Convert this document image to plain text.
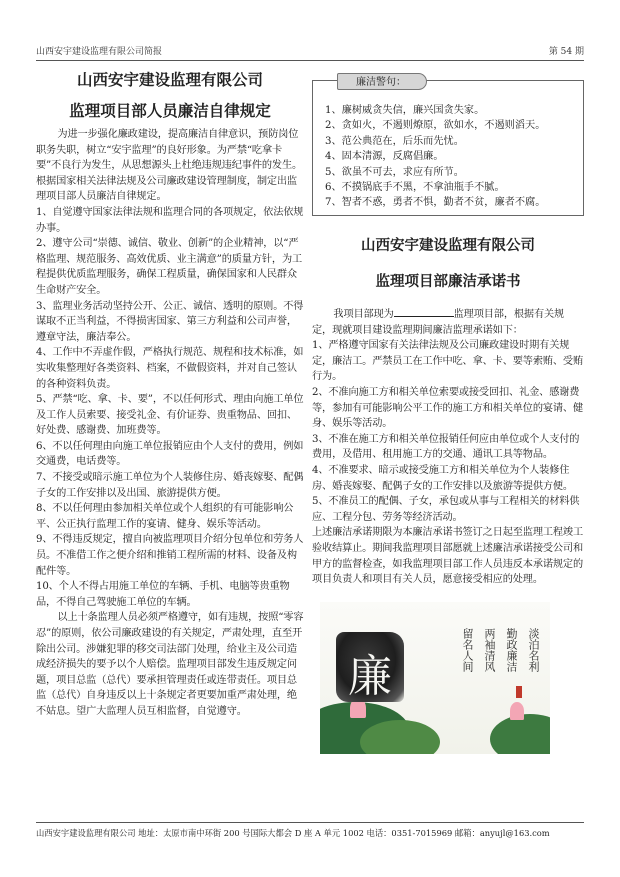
山西安宇建设监理有限公司简报	第 54 期
山西安宇建设监理有限公司
监理项目部人员廉洁自律规定

为进一步强化廉政建设，提高廉洁自律意识，预防岗位职务失职，树立“安宇监理”的良好形象。为严禁“吃拿卡要”不良行为发生，从思想源头上杜绝违规违纪事件的发生。根据国家相关法律法规及公司廉政建设管理制度，制定出监理项目部人员廉洁自律规定。

1、自觉遵守国家法律法规和监理合同的各项规定，依法依规办事。

2、遵守公司“崇德、诚信、敬业、创新”的企业精神，以“严格监理、规范服务、高效优质、业主满意”的质量方针，为工程提供优质监理服务，确保工程质量，确保国家和人民群众生命财产安全。

3、监理业务活动坚持公开、公正、诚信、透明的原则。不得谋取不正当利益，不得损害国家、第三方利益和公司声誉，遵章守法，廉洁奉公。

4、工作中不弄虚作假，严格执行规范、规程和技术标准，如实收集整理好各类资料、档案，不做假资料，并对自己签认的各种资料负责。

5、严禁“吃、拿、卡、要”，不以任何形式、理由向施工单位及工作人员索要、接受礼金、有价证券、贵重物品、回扣、好处费、感谢费、加班费等。

6、不以任何理由向施工单位报销应由个人支付的费用，例如交通费，电话费等。

7、不接受或暗示施工单位为个人装修住房、婚丧嫁娶、配偶子女的工作安排以及出国、旅游提供方便。

8、不以任何理由参加相关单位或个人组织的有可能影响公平、公正执行监理工作的宴请、健身、娱乐等活动。

9、不得违反规定，擅自向被监理项目介绍分包单位和劳务人员。不准借工作之便介绍和推销工程所需的材料、设备及构配件等。

10、个人不得占用施工单位的车辆、手机、电脑等贵重物品，不得自己驾驶施工单位的车辆。

以上十条监理人员必须严格遵守，如有违规，按照“零容忍”的原则，依公司廉政建设的有关规定，严肃处理，直至开除出公司。涉嫌犯罪的移交司法部门处理，给业主及公司造成经济损失的要予以个人赔偿。监理项目部发生违反规定问题，项目总监（总代）要承担管理责任或连带责任。项目总监（总代）自身违反以上十条规定者更要加重严肃处理，绝不姑息。望广大监理人员互相监督，自觉遵守。

廉洁警句：
1、廉树威贪失信，廉兴国贪失家。
2、贪如火，不遏则燎原，欲如水，不遏则滔天。
3、范公典范在，后乐而先忧。
4、固本清源，反腐倡廉。
5、欲虽不可去，求应有所节。
6、不摸锅底手不黑，不拿油瓶手不腻。
7、智者不惑，勇者不惧，勤者不贫，廉者不腐。
山西安宇建设监理有限公司
监理项目部廉洁承诺书

我项目部现为	监理项目部，根据有关规定，现就项目建设监理期间廉洁监理承诺如下：

1、严格遵守国家有关法律法规及公司廉政建设时期有关规定，廉洁工。严禁员工在工作中吃、拿、卡、要等索贿、受贿行为。

2、不准向施工方和相关单位索要或接受回扣、礼金、感谢费等，参加有可能影响公平工作的施工方和相关单位的宴请、健身、娱乐等活动。

3、不准在施工方和相关单位报销任何应由单位或个人支付的费用，及借用、租用施工方的交通、通讯工具等物品。

4、不准要求、暗示或接受施工方和相关单位为个人装修住房、婚丧嫁娶、配偶子女的工作安排以及旅游等提供方便。

5、不准员工的配偶、子女，承包或从事与工程相关的材料供应、工程分包、劳务等经济活动。

上述廉洁承诺期限为本廉洁承诺书签订之日起至监理工程竣工验收结算止。期间我监理项目部愿就上述廉洁承诺接受公司和甲方的监督检查，如我监理项目部工作人员违反本承诺规定的项目负责人和项目有关人员，愿意接受相应的处理。

廉
淡泊名利
勤政廉洁
两袖清风
留名人间
山西安宇建设监理有限公司 地址：太原市南中环街 200 号国际大都会 D 座 A 单元 1002 电话：0351-7015969 邮箱：anyujl@163.com
